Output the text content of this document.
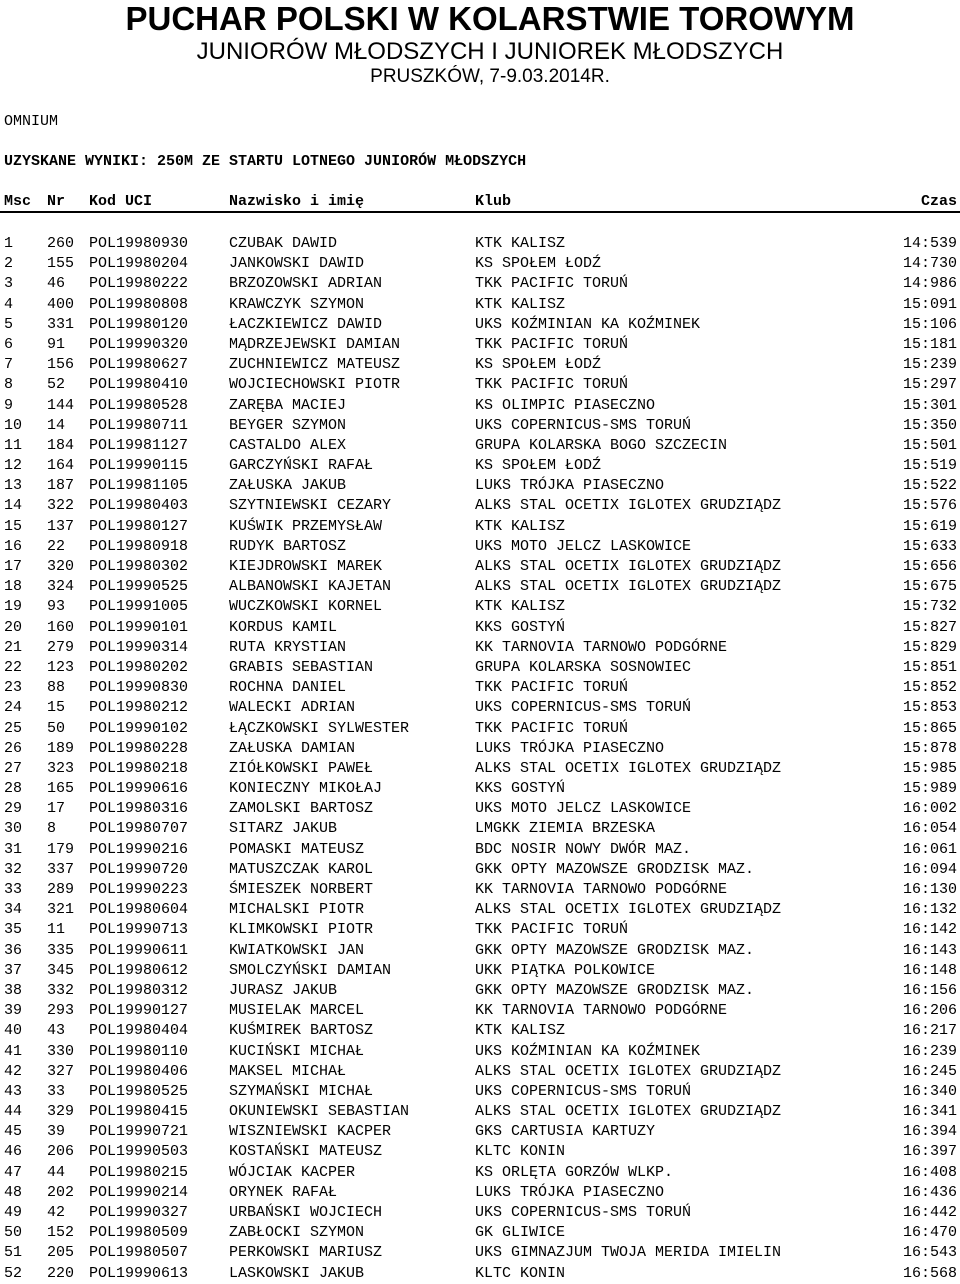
PUCHAR POLSKI W KOLARSTWIE TOROWYM
JUNIORÓW MŁODSZYCH I JUNIOREK MŁODSZYCH
PRUSZKÓW, 7-9.03.2014R.
OMNIUM
UZYSKANE WYNIKI: 250M ZE STARTU LOTNEGO JUNIORÓW MŁODSZYCH
Msc Nr Kod UCI	Nazwisko i imię	Klub	Czas
1 260 POL19980930	CZUBAK DAWID	KTK KALISZ	14:539
2 155 POL19980204	JANKOWSKI DAWID	KS SPOŁEM ŁODŹ	14:730
3 46 POL19980222	BRZOZOWSKI ADRIAN	TKK PACIFIC TORUŃ	14:986
4 400 POL19980808	KRAWCZYK SZYMON	KTK KALISZ	15:091
5 331 POL19980120	ŁACZKIEWICZ DAWID	UKS KOŹMINIAN KA KOŹMINEK	15:106
6 91 POL19990320	MĄDRZEJEWSKI DAMIAN	TKK PACIFIC TORUŃ	15:181
7 156 POL19980627	ZUCHNIEWICZ MATEUSZ	KS SPOŁEM ŁODŹ	15:239
8 52 POL19980410	WOJCIECHOWSKI PIOTR	TKK PACIFIC TORUŃ	15:297
9 144 POL19980528	ZARĘBA MACIEJ	KS OLIMPIC PIASECZNO	15:301
10 14 POL19980711	BEYGER SZYMON	UKS COPERNICUS-SMS TORUŃ	15:350
11 184 POL19981127	CASTALDO ALEX	GRUPA KOLARSKA BOGO SZCZECIN	15:501
12 164 POL19990115	GARCZYŃSKI RAFAŁ	KS SPOŁEM ŁODŹ	15:519
13 187 POL19981105	ZAŁUSKA JAKUB	LUKS TRÓJKA PIASECZNO	15:522
14 322 POL19980403	SZYTNIEWSKI CEZARY	ALKS STAL OCETIX IGLOTEX GRUDZIĄDZ	15:576
15 137 POL19980127	KUŚWIK PRZEMYSŁAW	KTK KALISZ	15:619
16 22 POL19980918	RUDYK BARTOSZ	UKS MOTO JELCZ LASKOWICE	15:633
17 320 POL19980302	KIEJDROWSKI MAREK	ALKS STAL OCETIX IGLOTEX GRUDZIĄDZ	15:656
18 324 POL19990525	ALBANOWSKI KAJETAN	ALKS STAL OCETIX IGLOTEX GRUDZIĄDZ	15:675
19 93 POL19991005	WUCZKOWSKI KORNEL	KTK KALISZ	15:732
20 160 POL19990101	KORDUS KAMIL	KKS GOSTYŃ	15:827
21 279 POL19990314	RUTA KRYSTIAN	KK TARNOVIA TARNOWO PODGÓRNE	15:829
22 123 POL19980202	GRABIS SEBASTIAN	GRUPA KOLARSKA SOSNOWIEC	15:851
23 88 POL19990830	ROCHNA DANIEL	TKK PACIFIC TORUŃ	15:852
24 15 POL19980212	WALECKI ADRIAN	UKS COPERNICUS-SMS TORUŃ	15:853
25 50 POL19990102	ŁĄCZKOWSKI SYLWESTER	TKK PACIFIC TORUŃ	15:865
26 189 POL19980228	ZAŁUSKA DAMIAN	LUKS TRÓJKA PIASECZNO	15:878
27 323 POL19980218	ZIÓŁKOWSKI PAWEŁ	ALKS STAL OCETIX IGLOTEX GRUDZIĄDZ	15:985
28 165 POL19990616	KONIECZNY MIKOŁAJ	KKS GOSTYŃ	15:989
29 17 POL19980316	ZAMOLSKI BARTOSZ	UKS MOTO JELCZ LASKOWICE	16:002
30 8 POL19980707	SITARZ JAKUB	LMGKK ZIEMIA BRZESKA	16:054
31 179 POL19990216	POMASKI MATEUSZ	BDC NOSIR NOWY DWÓR MAZ.	16:061
32 337 POL19990720	MATUSZCZAK KAROL	GKK OPTY MAZOWSZE GRODZISK MAZ.	16:094
33 289 POL19990223	ŚMIESZEK NORBERT	KK TARNOVIA TARNOWO PODGÓRNE	16:130
34 321 POL19980604	MICHALSKI PIOTR	ALKS STAL OCETIX IGLOTEX GRUDZIĄDZ	16:132
35 11 POL19990713	KLIMKOWSKI PIOTR	TKK PACIFIC TORUŃ	16:142
36 335 POL19990611	KWIATKOWSKI JAN	GKK OPTY MAZOWSZE GRODZISK MAZ.	16:143
37 345 POL19980612	SMOLCZYŃSKI DAMIAN	UKK PIĄTKA POLKOWICE	16:148
38 332 POL19980312	JURASZ JAKUB	GKK OPTY MAZOWSZE GRODZISK MAZ.	16:156
39 293 POL19990127	MUSIELAK MARCEL	KK TARNOVIA TARNOWO PODGÓRNE	16:206
40 43 POL19980404	KUŚMIREK BARTOSZ	KTK KALISZ	16:217
41 330 POL19980110	KUCIŃSKI MICHAŁ	UKS KOŹMINIAN KA KOŹMINEK	16:239
42 327 POL19980406	MAKSEL MICHAŁ	ALKS STAL OCETIX IGLOTEX GRUDZIĄDZ	16:245
43 33 POL19980525	SZYMAŃSKI MICHAŁ	UKS COPERNICUS-SMS TORUŃ	16:340
44 329 POL19980415	OKUNIEWSKI SEBASTIAN	ALKS STAL OCETIX IGLOTEX GRUDZIĄDZ	16:341
45 39 POL19990721	WISZNIEWSKI KACPER	GKS CARTUSIA KARTUZY	16:394
46 206 POL19990503	KOSTAŃSKI MATEUSZ	KLTC KONIN	16:397
47 44 POL19980215	WÓJCIAK KACPER	KS ORLĘTA GORZÓW WLKP.	16:408
48 202 POL19990214	ORYNEK RAFAŁ	LUKS TRÓJKA PIASECZNO	16:436
49 42 POL19990327	URBAŃSKI WOJCIECH	UKS COPERNICUS-SMS TORUŃ	16:442
50 152 POL19980509	ZABŁOCKI SZYMON	GK GLIWICE	16:470
51 205 POL19980507	PERKOWSKI MARIUSZ	UKS GIMNAZJUM TWOJA MERIDA IMIELIN	16:543
52 220 POL19990613	LASKOWSKI JAKUB	KLTC KONIN	16:568
